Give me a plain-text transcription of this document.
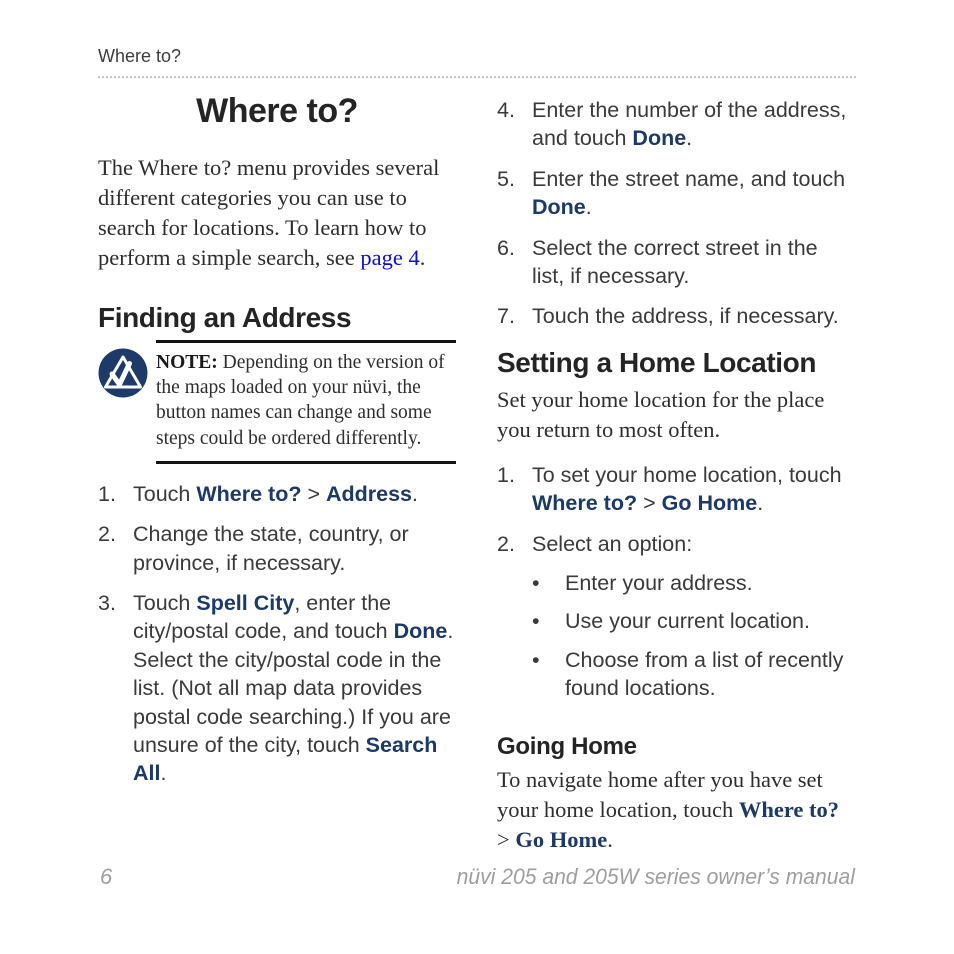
Where to?
Where to?

The Where to? menu provides several different categories you can use to search for locations. To learn how to perform a simple search, see page 4.

Finding an Address
NOTE: Depending on the version of the maps loaded on your nüvi, the button names can change and some steps could be ordered differently.
1. Touch Where to? > Address.
2. Change the state, country, or province, if necessary.
3. Touch Spell City, enter the city/postal code, and touch Done. Select the city/postal code in the list. (Not all map data provides postal code searching.) If you are unsure of the city, touch Search All.
4. Enter the number of the address, and touch Done.
5. Enter the street name, and touch Done.
6. Select the correct street in the list, if necessary.
7. Touch the address, if necessary.
Setting a Home Location

Set your home location for the place you return to most often.

1. To set your home location, touch Where to? > Go Home.
2. Select an option:
•	Enter your address.
•	Use your current location.
•	Choose from a list of recently found locations.
Going Home

To navigate home after you have set your home location, touch Where to? > Go Home.

6	nüvi 205 and 205W series owner’s manual
